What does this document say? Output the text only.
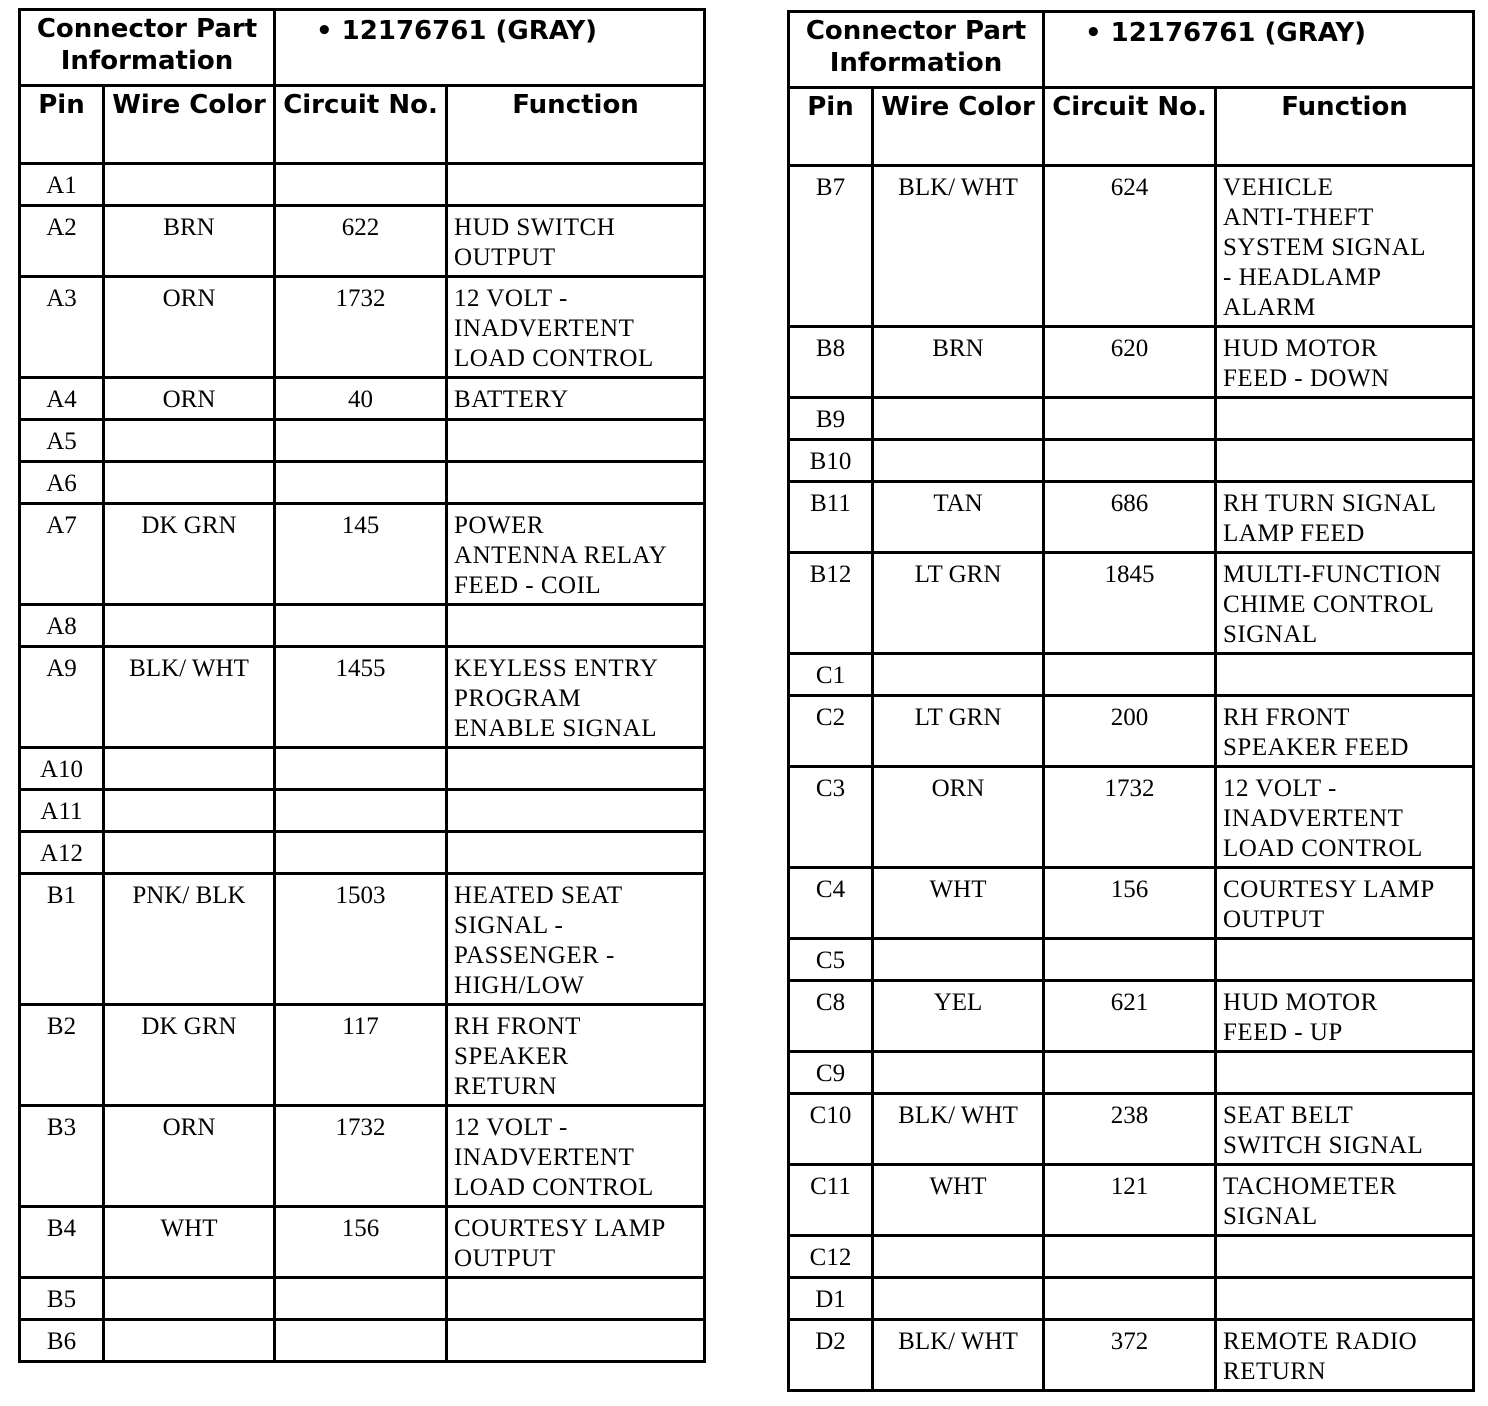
Connector Part Information		• 12176761 (GRAY)	
Pin	Wire Color	Circuit No.	Function
A1			
A2	BRN	622	HUD SWITCH
OUTPUT
A3	ORN	1732	12 VOLT -
INADVERTENT
LOAD CONTROL
A4	ORN	40	BATTERY
A5			
A6			
A7	DK GRN	145	POWER
ANTENNA RELAY
FEED - COIL
A8			
A9	BLK/ WHT	1455	KEYLESS ENTRY
PROGRAM
ENABLE SIGNAL
A10			
A11			
A12			
B1	PNK/ BLK	1503	HEATED SEAT
SIGNAL -
PASSENGER -
HIGH/LOW
B2	DK GRN	117	RH FRONT
SPEAKER
RETURN
B3	ORN	1732	12 VOLT -
INADVERTENT
LOAD CONTROL
B4	WHT	156	COURTESY LAMP
OUTPUT
B5			
B6			
Connector Part Information		• 12176761 (GRAY)	
Pin	Wire Color	Circuit No.	Function
B7	BLK/ WHT	624	VEHICLE
ANTI-THEFT
SYSTEM SIGNAL
- HEADLAMP
ALARM
B8	BRN	620	HUD MOTOR
FEED - DOWN
B9			
B10			
B11	TAN	686	RH TURN SIGNAL
LAMP FEED
B12	LT GRN	1845	MULTI-FUNCTION
CHIME CONTROL
SIGNAL
C1			
C2	LT GRN	200	RH FRONT
SPEAKER FEED
C3	ORN	1732	12 VOLT -
INADVERTENT
LOAD CONTROL
C4	WHT	156	COURTESY LAMP
OUTPUT
C5			
C8	YEL	621	HUD MOTOR
FEED - UP
C9			
C10	BLK/ WHT	238	SEAT BELT
SWITCH SIGNAL
C11	WHT	121	TACHOMETER
SIGNAL
C12			
D1			
D2	BLK/ WHT	372	REMOTE RADIO
RETURN
